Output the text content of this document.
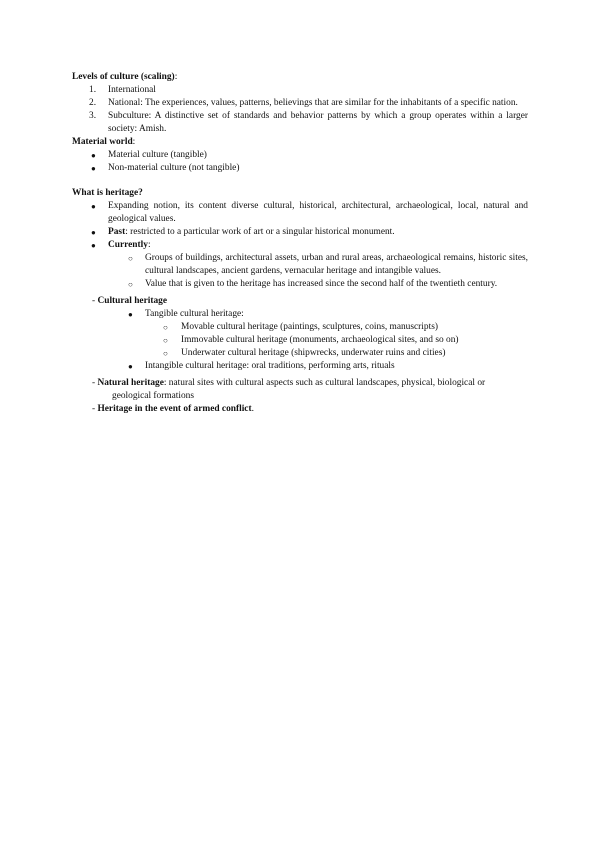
Levels of culture (scaling):

1. International
2. National: The experiences, values, patterns, believings that are similar for the inhabitants of a specific nation.
3. Subculture: A distinctive set of standards and behavior patterns by which a group operates within a larger society: Amish.

Material world:

● Material culture (tangible)
● Non-material culture (not tangible)

What is heritage?

● Expanding notion, its content diverse cultural, historical, architectural, archaeological, local, natural and geological values.
● Past: restricted to a particular work of art or a singular historical monument.
● Currently:
○ Groups of buildings, architectural assets, urban and rural areas, archaeological remains, historic sites, cultural landscapes, ancient gardens, vernacular heritage and intangible values.
○ Value that is given to the heritage has increased since the second half of the twentieth century.

- Cultural heritage

● Tangible cultural heritage:
○ Movable cultural heritage (paintings, sculptures, coins, manuscripts)
○ Immovable cultural heritage (monuments, archaeological sites, and so on)
○ Underwater cultural heritage (shipwrecks, underwater ruins and cities)
● Intangible cultural heritage: oral traditions, performing arts, rituals

- Natural heritage: natural sites with cultural aspects such as cultural landscapes, physical, biological or
geological formations

- Heritage in the event of armed conflict.
